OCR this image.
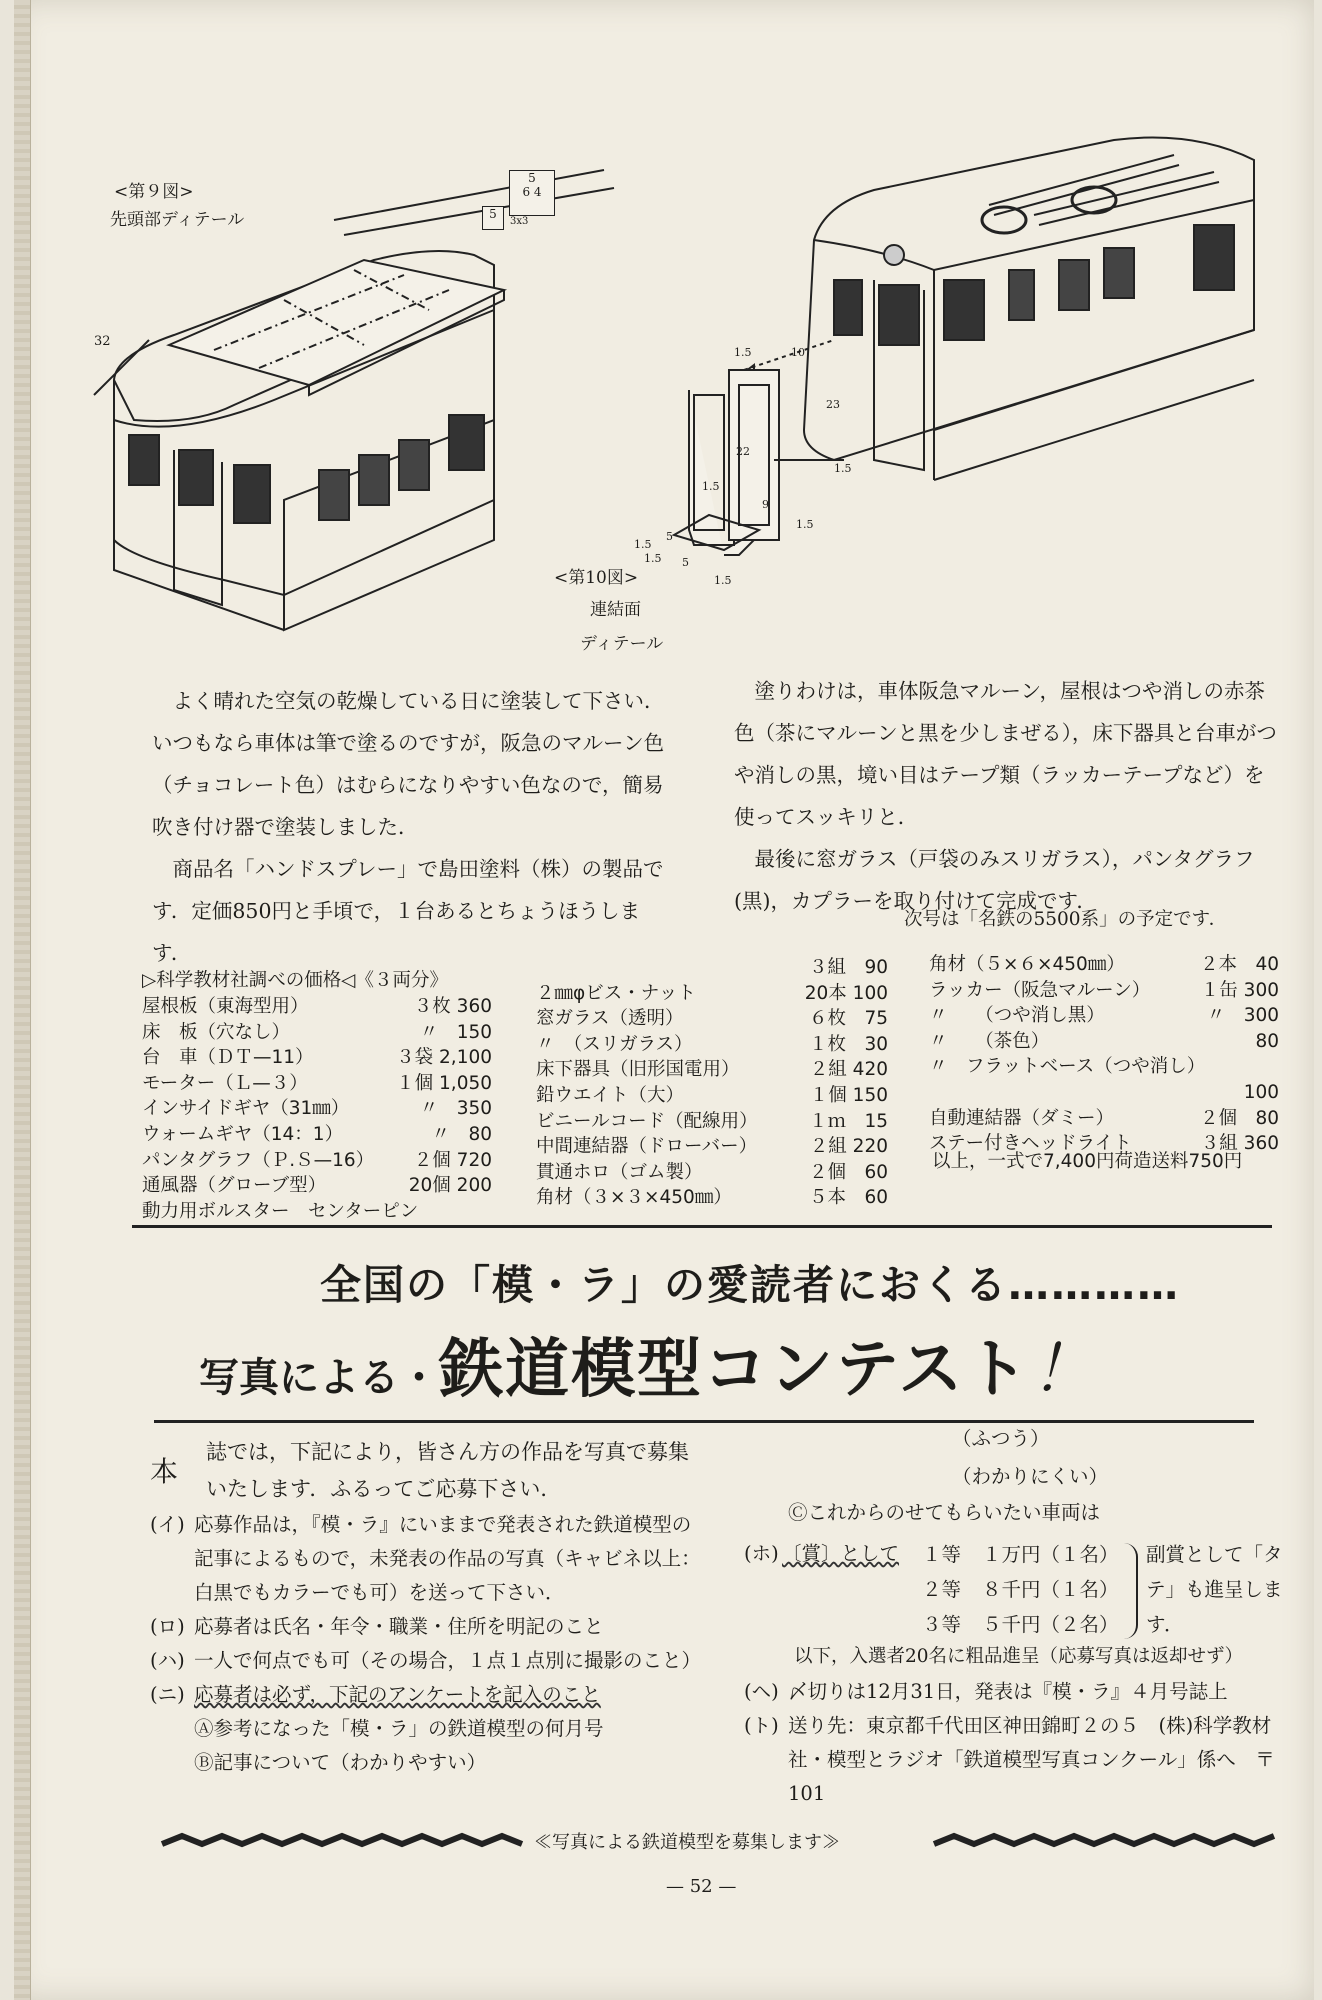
<第９図>
先頭部ディテール
32
5
6 4
5
3x3
1.5	10
23
22
1.5
1.5
9
1.5
1.5
1.5
5
5
1.5
<第10図>
連結面
ディテール

よく晴れた空気の乾燥している日に塗装して下さい．いつもなら車体は筆で塗るのですが，阪急のマルーン色（チョコレート色）はむらになりやすい色なので，簡易吹き付け器で塗装しました．

商品名「ハンドスプレー」で島田塗料（株）の製品です．定価850円と手頃で，１台あるとちょうほうします．

塗りわけは，車体阪急マルーン，屋根はつや消しの赤茶色（茶にマルーンと黒を少しまぜる），床下器具と台車がつや消しの黒，境い目はテープ類（ラッカーテープなど）を使ってスッキリと．

最後に窓ガラス（戸袋のみスリガラス），パンタグラフ(黒)，カプラーを取り付けて完成です．

次号は「名鉄の5500系」の予定です．
▷科学教材社調べの価格◁《３両分》
屋根板（東海型用）	３枚 360
床　板（穴なし）	〃　150
台　車（ＤＴ—11）	３袋 2,100
モーター（Ｌ—３）	１個 1,050
インサイドギヤ（31㎜）	〃　350
ウォームギヤ（14：1）	〃　80
パンタグラフ（Ｐ.Ｓ—16）	２個 720
通風器（グローブ型）	20個 200
動力用ボルスター　センターピン
３組　90
２㎜φビス・ナット	20本 100
窓ガラス（透明）	６枚　75
〃　（スリガラス）	１枚　30
床下器具（旧形国電用）	２組 420
鉛ウエイト（大）	１個 150
ビニールコード（配線用）	１ｍ　15
中間連結器（ドローバー）	２組 220
貫通ホロ（ゴム製）	２個　60
角材（３×３×450㎜）	５本　60
角材（５×６×450㎜）	２本　40
ラッカー（阪急マルーン）	１缶 300
〃　　（つや消し黒）	〃　300
〃　　（茶色）	80
〃　フラットベース（つや消し）
100
自動連結器（ダミー）	２個　80
ステー付きヘッドライト	３組 360
以上，一式で7,400円荷造送料750円
全国の「模・ラ」の愛読者におくる…………
写真による・鉄道模型コンテスト！
本
誌では，下記により，皆さん方の作品を写真で募集いたします．ふるってご応募下さい．
(イ) 応募作品は，『模・ラ』にいままで発表された鉄道模型の記事によるもので，未発表の作品の写真（キャビネ以上：白黒でもカラーでも可）を送って下さい．
(ロ) 応募者は氏名・年令・職業・住所を明記のこと
(ハ) 一人で何点でも可（その場合，１点１点別に撮影のこと）
(ニ) 応募者は必ず，下記のアンケートを記入のこと
Ⓐ参考になった「模・ラ」の鉄道模型の何月号
Ⓑ記事について（わかりやすい）
（ふつう）
（わかりにくい）
Ⓒこれからのせてもらいたい車両は
(ホ) 〔賞〕として １等	１万円（１名）
２等	８千円（１名）
３等	５千円（２名）
副賞として「タテ」も進呈します．
以下，入選者20名に粗品進呈（応募写真は返却せず）
(ヘ) 〆切りは12月31日，発表は『模・ラ』４月号誌上
(ト) 送り先：東京都千代田区神田錦町２の５　(株)科学教材社・模型とラジオ「鉄道模型写真コンクール」係へ　〒101
≪写真による鉄道模型を募集します≫
— 52 —
